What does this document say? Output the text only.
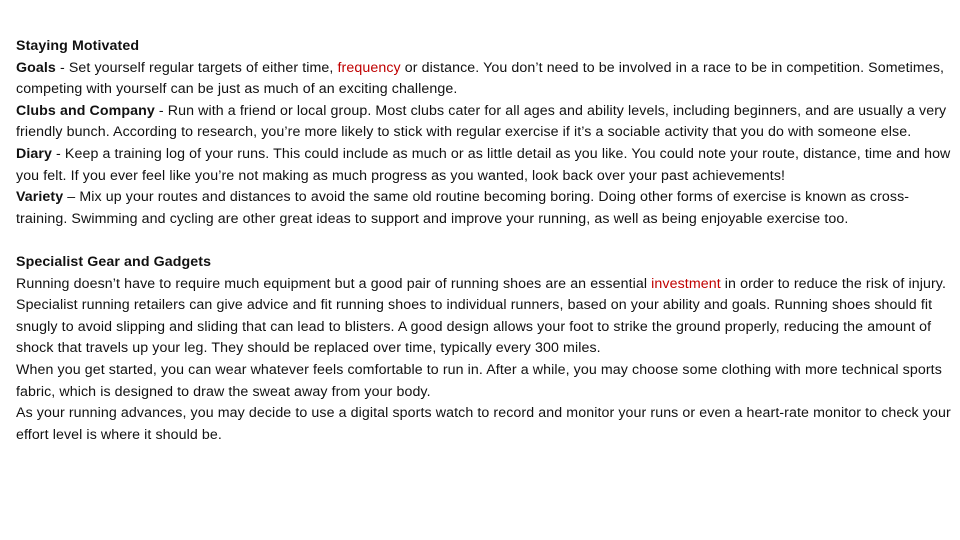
Staying Motivated

Goals - Set yourself regular targets of either time, frequency or distance. You don’t need to be involved in a race to be in competition. Sometimes, competing with yourself can be just as much of an exciting challenge.

Clubs and Company - Run with a friend or local group. Most clubs cater for all ages and ability levels, including beginners, and are usually a very friendly bunch. According to research, you’re more likely to stick with regular exercise if it’s a sociable activity that you do with someone else.

Diary - Keep a training log of your runs. This could include as much or as little detail as you like. You could note your route, distance, time and how you felt. If you ever feel like you’re not making as much progress as you wanted, look back over your past achievements!

Variety – Mix up your routes and distances to avoid the same old routine becoming boring. Doing other forms of exercise is known as cross-training. Swimming and cycling are other great ideas to support and improve your running, as well as being enjoyable exercise too.

Specialist Gear and Gadgets

Running doesn’t have to require much equipment but a good pair of running shoes are an essential investment in order to reduce the risk of injury. Specialist running retailers can give advice and fit running shoes to individual runners, based on your ability and goals. Running shoes should fit snugly to avoid slipping and sliding that can lead to blisters. A good design allows your foot to strike the ground properly, reducing the amount of shock that travels up your leg. They should be replaced over time, typically every 300 miles.

When you get started, you can wear whatever feels comfortable to run in. After a while, you may choose some clothing with more technical sports fabric, which is designed to draw the sweat away from your body.

As your running advances, you may decide to use a digital sports watch to record and monitor your runs or even a heart-rate monitor to check your effort level is where it should be.
